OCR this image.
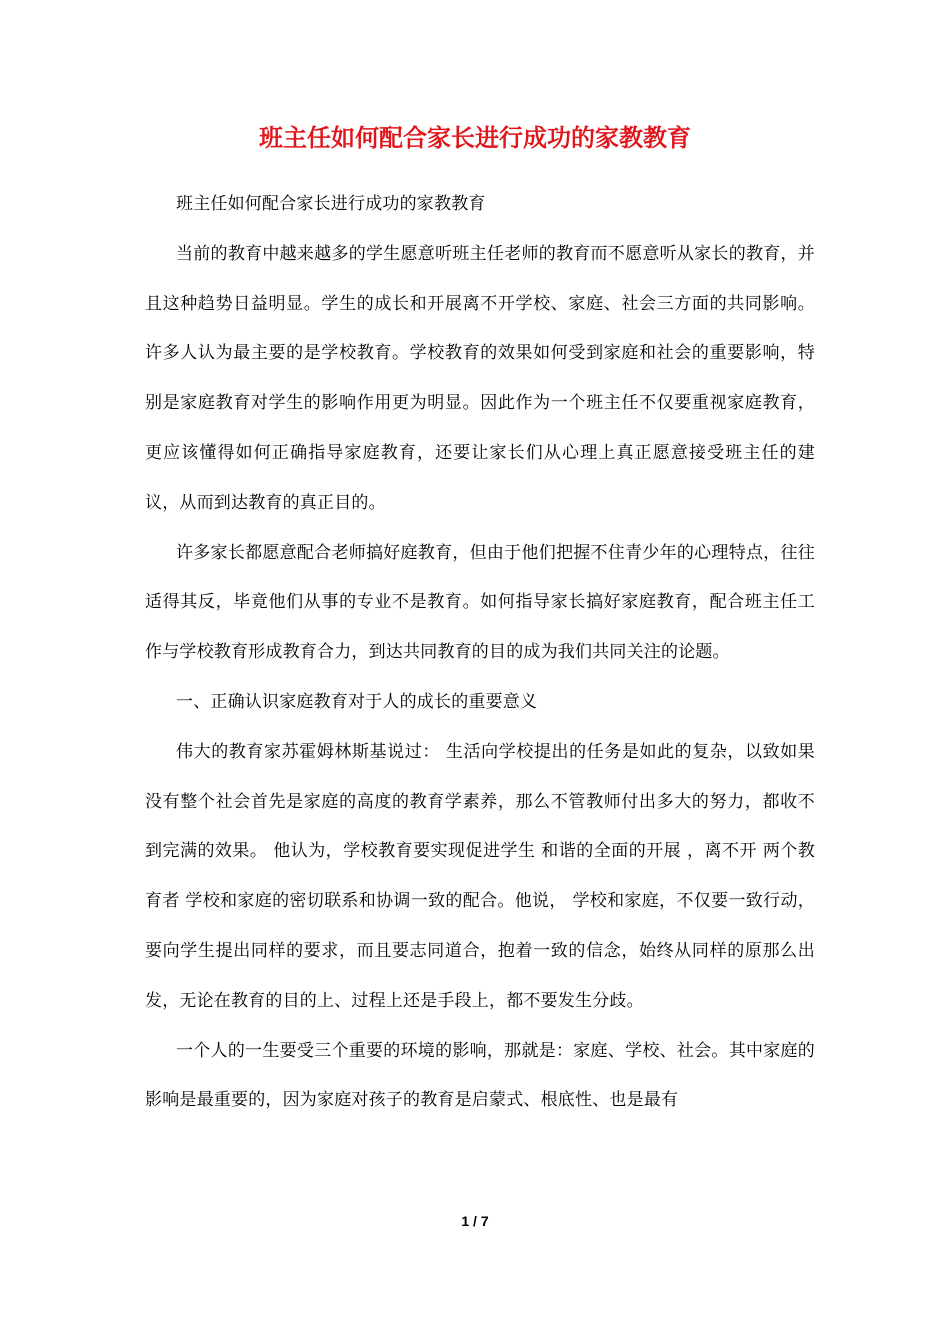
班主任如何配合家长进行成功的家教教育

班主任如何配合家长进行成功的家教教育

当前的教育中越来越多的学生愿意听班主任老师的教育而不愿意听从家长的教育，并且这种趋势日益明显。学生的成长和开展离不开学校、家庭、社会三方面的共同影响。许多人认为最主要的是学校教育。学校教育的效果如何受到家庭和社会的重要影响，特别是家庭教育对学生的影响作用更为明显。因此作为一个班主任不仅要重视家庭教育，更应该懂得如何正确指导家庭教育，还要让家长们从心理上真正愿意接受班主任的建议，从而到达教育的真正目的。

许多家长都愿意配合老师搞好庭教育，但由于他们把握不住青少年的心理特点，往往适得其反，毕竟他们从事的专业不是教育。如何指导家长搞好家庭教育，配合班主任工作与学校教育形成教育合力，到达共同教育的目的成为我们共同关注的论题。

一、正确认识家庭教育对于人的成长的重要意义

伟大的教育家苏霍姆林斯基说过： 生活向学校提出的任务是如此的复杂，以致如果没有整个社会首先是家庭的高度的教育学素养，那么不管教师付出多大的努力，都收不到完满的效果。 他认为，学校教育要实现促进学生 和谐的全面的开展 ，离不开 两个教育者 学校和家庭的密切联系和协调一致的配合。他说， 学校和家庭，不仅要一致行动，要向学生提出同样的要求，而且要志同道合，抱着一致的信念，始终从同样的原那么出发，无论在教育的目的上、过程上还是手段上，都不要发生分歧。

一个人的一生要受三个重要的环境的影响，那就是：家庭、学校、社会。其中家庭的影响是最重要的，因为家庭对孩子的教育是启蒙式、根底性、也是最有

1 / 7
